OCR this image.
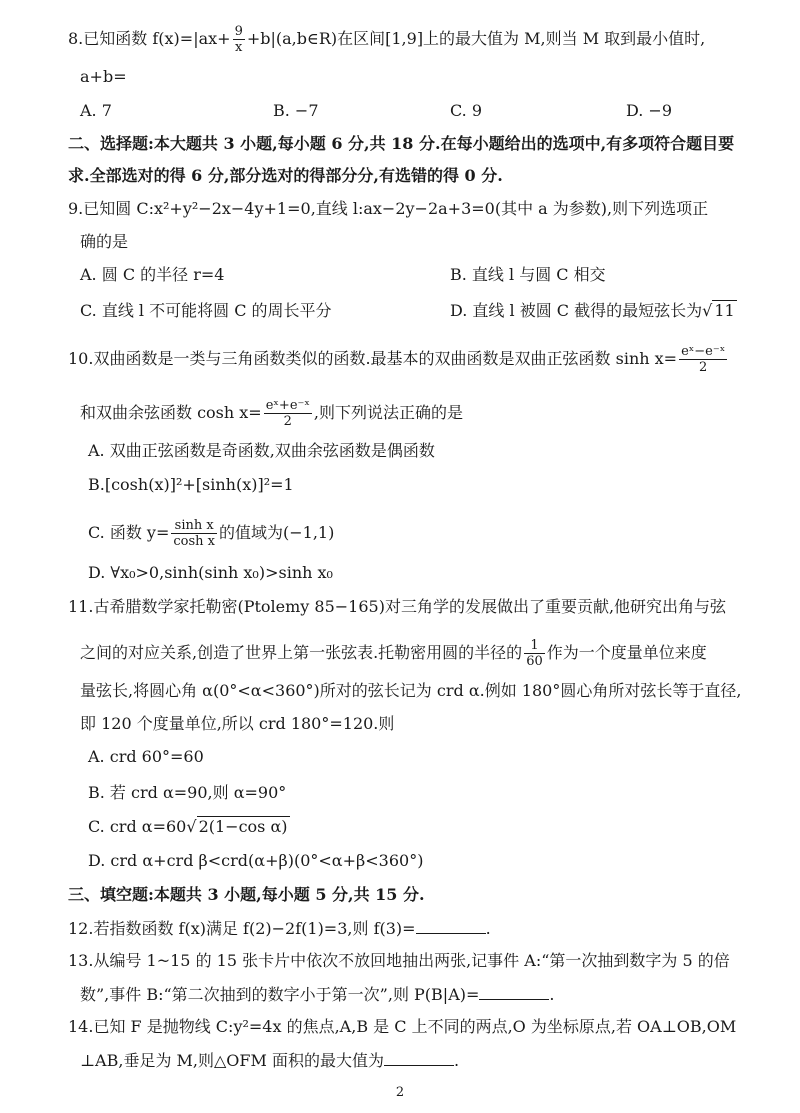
8.已知函数 $f(x)=|ax+ \frac{9}{x}$ +b|(a,b∈R)在区间[1,9]上的最大值为 M,则当 M 取到最小值时,
a+b=
A. 7	B. −7	C. 9	D. −9
二、选择题:本大题共 3 小题,每小题 6 分,共 18 分.在每小题给出的选项中,有多项符合题目要
求.全部选对的得 6 分,部分选对的得部分分,有选错的得 0 分.
9.已知圆 C:x²+y²−2x−4y+1=0,直线 l:ax−2y−2a+3=0(其中 a 为参数),则下列选项正
确的是
A. 圆 C 的半径 r=4	B. 直线 l 与圆 C 相交
C. 直线 l 不可能将圆 C 的周长平分	D. 直线 l 被圆 C 截得的最短弦长为√ 11
10.双曲函数是一类与三角函数类似的函数.最基本的双曲函数是双曲正弦函数 $\sinh x= \frac{\text{eˣ−e⁻ˣ}}{2}$
和双曲余弦函数 $\cosh x= \frac{\text{eˣ+e⁻ˣ}}{2}$ ,则下列说法正确的是
A. 双曲正弦函数是奇函数,双曲余弦函数是偶函数
B.[cosh(x)]²+[sinh(x)]²=1
C. 函数 $y= \frac{\text{sinh x}}{\text{cosh x}}$ 的值域为(−1,1)
D. ∀x₀>0,sinh(sinh x₀)>sinh x₀
11.古希腊数学家托勒密(Ptolemy 85−165)对三角学的发展做出了重要贡献,他研究出角与弦
之间的对应关系,创造了世界上第一张弦表.托勒密用圆的半径的 $\frac{1}{60}$ 作为一个度量单位来度
量弦长,将圆心角 α(0°<α<360°)所对的弦长记为 crd α.例如 180°圆心角所对弦长等于直径,
即 120 个度量单位,所以 crd 180°=120.则
A. crd 60°=60
B. 若 crd α=90,则 α=90°
C. crd α=60√ 2(1−cos α)
D. crd α+crd β<crd(α+β)(0°<α+β<360°)
三、填空题:本题共 3 小题,每小题 5 分,共 15 分.
12.若指数函数 f(x)满足 f(2)−2f(1)=3,则 f(3)=	.
13.从编号 1~15 的 15 张卡片中依次不放回地抽出两张,记事件 A:“第一次抽到数字为 5 的倍
数”,事件 B:“第二次抽到的数字小于第一次”,则 P(B|A)=	.
14.已知 F 是抛物线 C:y²=4x 的焦点,A,B 是 C 上不同的两点,O 为坐标原点,若 OA⊥OB,OM
⊥AB,垂足为 M,则△OFM 面积的最大值为	.
2
